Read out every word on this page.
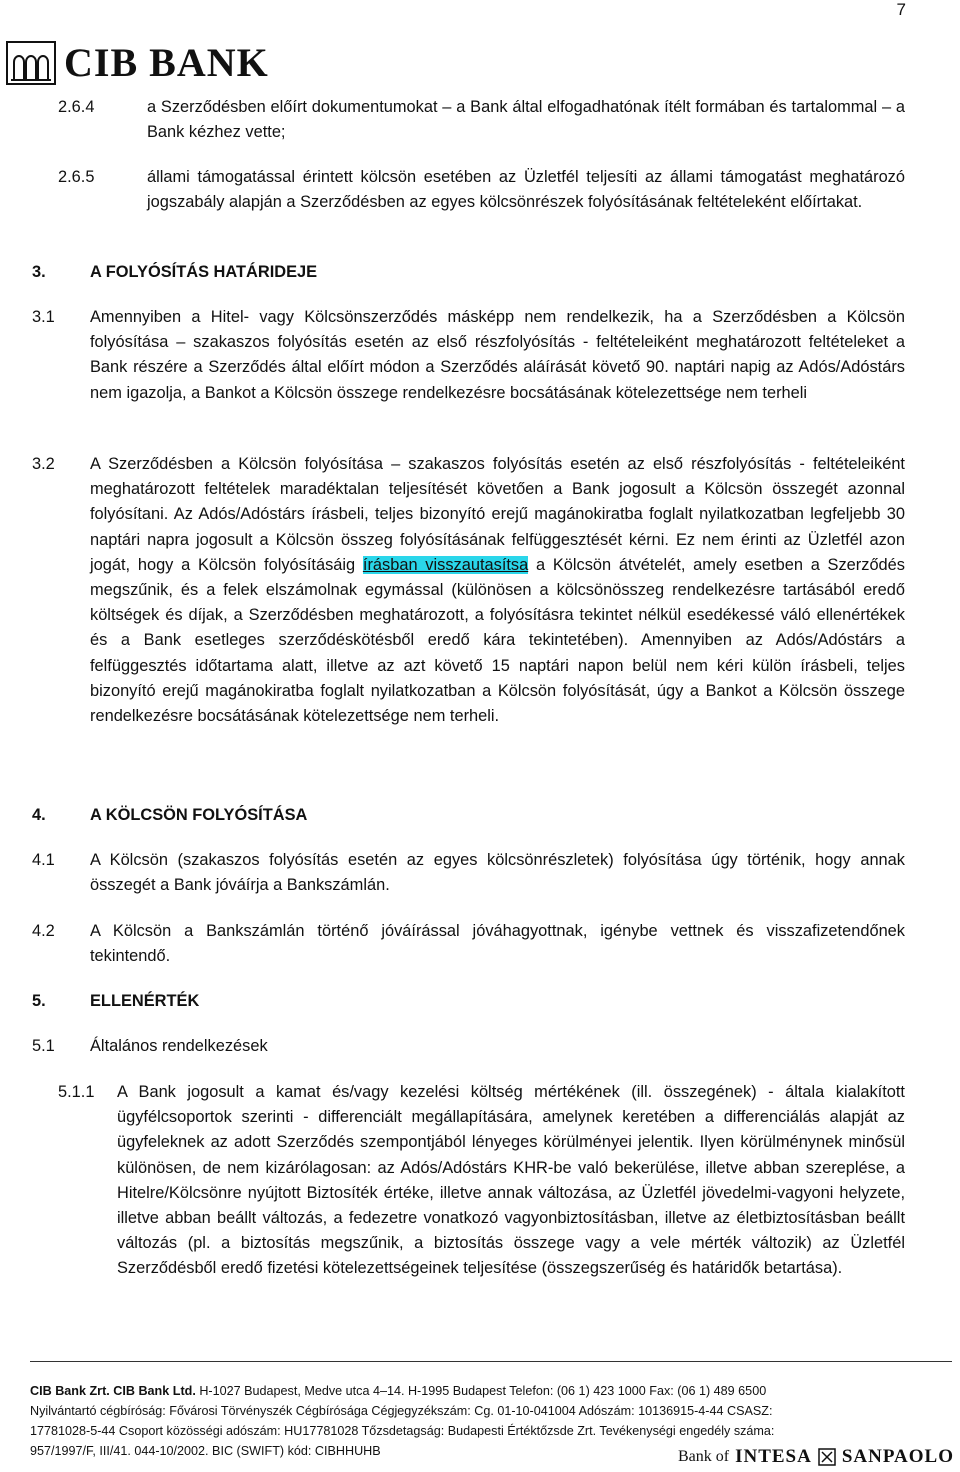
7
CIB BANK
2.6.4	a Szerződésben előírt dokumentumokat – a Bank által elfogadhatónak ítélt formában és tartalommal – a Bank kézhez vette;
2.6.5	állami támogatással érintett kölcsön esetében az Üzletfél teljesíti az állami támogatást meghatározó jogszabály alapján a Szerződésben az egyes kölcsönrészek folyósításának feltételeként előírtakat.
3.	A FOLYÓSÍTÁS HATÁRIDEJE
3.1 Amennyiben a Hitel- vagy Kölcsönszerződés másképp nem rendelkezik, ha a Szerződésben a Kölcsön folyósítása – szakaszos folyósítás esetén az első részfolyósítás - feltételeiként meghatározott feltételeket a Bank részére a Szerződés által előírt módon a Szerződés aláírását követő 90. naptári napig az Adós/Adóstárs nem igazolja, a Bankot a Kölcsön összege rendelkezésre bocsátásának kötelezettsége nem terheli
3.2 A Szerződésben a Kölcsön folyósítása – szakaszos folyósítás esetén az első részfolyósítás - feltételeiként meghatározott feltételek maradéktalan teljesítését követően a Bank jogosult a Kölcsön összegét azonnal folyósítani. Az Adós/Adóstárs írásbeli, teljes bizonyító erejű magánokiratba foglalt nyilatkozatban legfeljebb 30 naptári napra jogosult a Kölcsön összeg folyósításának felfüggesztését kérni. Ez nem érinti az Üzletfél azon jogát, hogy a Kölcsön folyósításáig írásban visszautasítsa a Kölcsön átvételét, amely esetben a Szerződés megszűnik, és a felek elszámolnak egymással (különösen a kölcsönösszeg rendelkezésre tartásából eredő költségek és díjak, a Szerződésben meghatározott, a folyósításra tekintet nélkül esedékessé váló ellenértékek és a Bank esetleges szerződéskötésből eredő kára tekintetében). Amennyiben az Adós/Adóstárs a felfüggesztés időtartama alatt, illetve az azt követő 15 naptári napon belül nem kéri külön írásbeli, teljes bizonyító erejű magánokiratba foglalt nyilatkozatban a Kölcsön folyósítását, úgy a Bankot a Kölcsön összege rendelkezésre bocsátásának kötelezettsége nem terheli.
4.	A KÖLCSÖN FOLYÓSÍTÁSA
4.1 A Kölcsön (szakaszos folyósítás esetén az egyes kölcsönrészletek) folyósítása úgy történik, hogy annak összegét a Bank jóváírja a Bankszámlán.
4.2 A Kölcsön a Bankszámlán történő jóváírással jóváhagyottnak, igénybe vettnek és visszafizetendőnek tekintendő.
5.	ELLENÉRTÉK
5.1 Általános rendelkezések
5.1.1 A Bank jogosult a kamat és/vagy kezelési költség mértékének (ill. összegének) - általa kialakított ügyfélcsoportok szerinti - differenciált megállapítására, amelynek keretében a differenciálás alapját az ügyfeleknek az adott Szerződés szempontjából lényeges körülményei jelentik. Ilyen körülménynek minősül különösen, de nem kizárólagosan: az Adós/Adóstárs KHR-be való bekerülése, illetve abban szereplése, a Hitelre/Kölcsönre nyújtott Biztosíték értéke, illetve annak változása, az Üzletfél jövedelmi-vagyoni helyzete, illetve abban beállt változás, a fedezetre vonatkozó vagyonbiztosításban, illetve az életbiztosításban beállt változás (pl. a biztosítás megszűnik, a biztosítás összege vagy a vele mérték változik) az Üzletfél Szerződésből eredő fizetési kötelezettségeinek teljesítése (összegszerűség és határidők betartása).
CIB Bank Zrt. CIB Bank Ltd. H-1027 Budapest, Medve utca 4–14. H-1995 Budapest Telefon: (06 1) 423 1000 Fax: (06 1) 489 6500
Nyilvántartó cégbíróság: Fővárosi Törvényszék Cégbírósága Cégjegyzékszám: Cg. 01-10-041004 Adószám: 10136915-4-44 CSASZ:
17781028-5-44 Csoport közösségi adószám: HU17781028 Tőzsdetagság: Budapesti Értéktőzsde Zrt. Tevékenységi engedély száma:
957/1997/F, III/41. 044-10/2002. BIC (SWIFT) kód: CIBHHUHB	Bank of INTESA SANPAOLO
